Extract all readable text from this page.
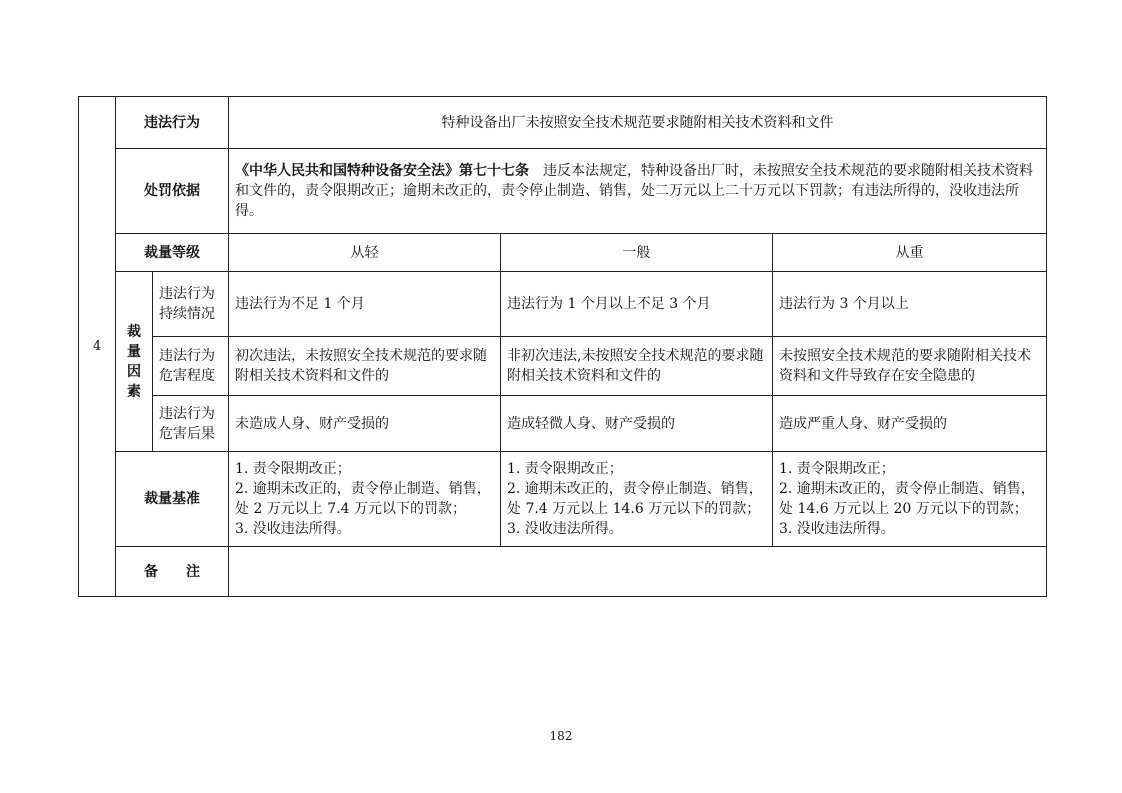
4	违法行为		特种设备出厂未按照安全技术规范要求随附相关技术资料和文件		
	处罚依据		《中华人民共和国特种设备安全法》第七十七条 违反本法规定，特种设备出厂时，未按照安全技术规范的要求随附相关技术资料和文件的，责令限期改正；逾期未改正的，责令停止制造、销售，处二万元以上二十万元以下罚款；有违法所得的，没收违法所得。		
	裁量等级		从轻	一般	从重

	裁
量
因
素	违法行为持续情况	违法行为不足 1 个月	违法行为 1 个月以上不足 3 个月	违法行为 3 个月以上
		违法行为危害程度	初次违法，未按照安全技术规范的要求随附相关技术资料和文件的	非初次违法,未按照安全技术规范的要求随附相关技术资料和文件的	未按照安全技术规范的要求随附相关技术资料和文件导致存在安全隐患的
		违法行为危害后果	未造成人身、财产受损的	造成轻微人身、财产受损的	造成严重人身、财产受损的
	裁量基准		1. 责令限期改正；
2. 逾期未改正的，责令停止制造、销售，处 2 万元以上 7.4 万元以下的罚款；
3. 没收违法所得。	1. 责令限期改正；
2. 逾期未改正的，责令停止制造、销售，处 7.4 万元以上 14.6 万元以下的罚款；
3. 没收违法所得。	1. 责令限期改正；
2. 逾期未改正的，责令停止制造、销售，处 14.6 万元以上 20 万元以下的罚款；
3. 没收违法所得。

	备　　注				
182
